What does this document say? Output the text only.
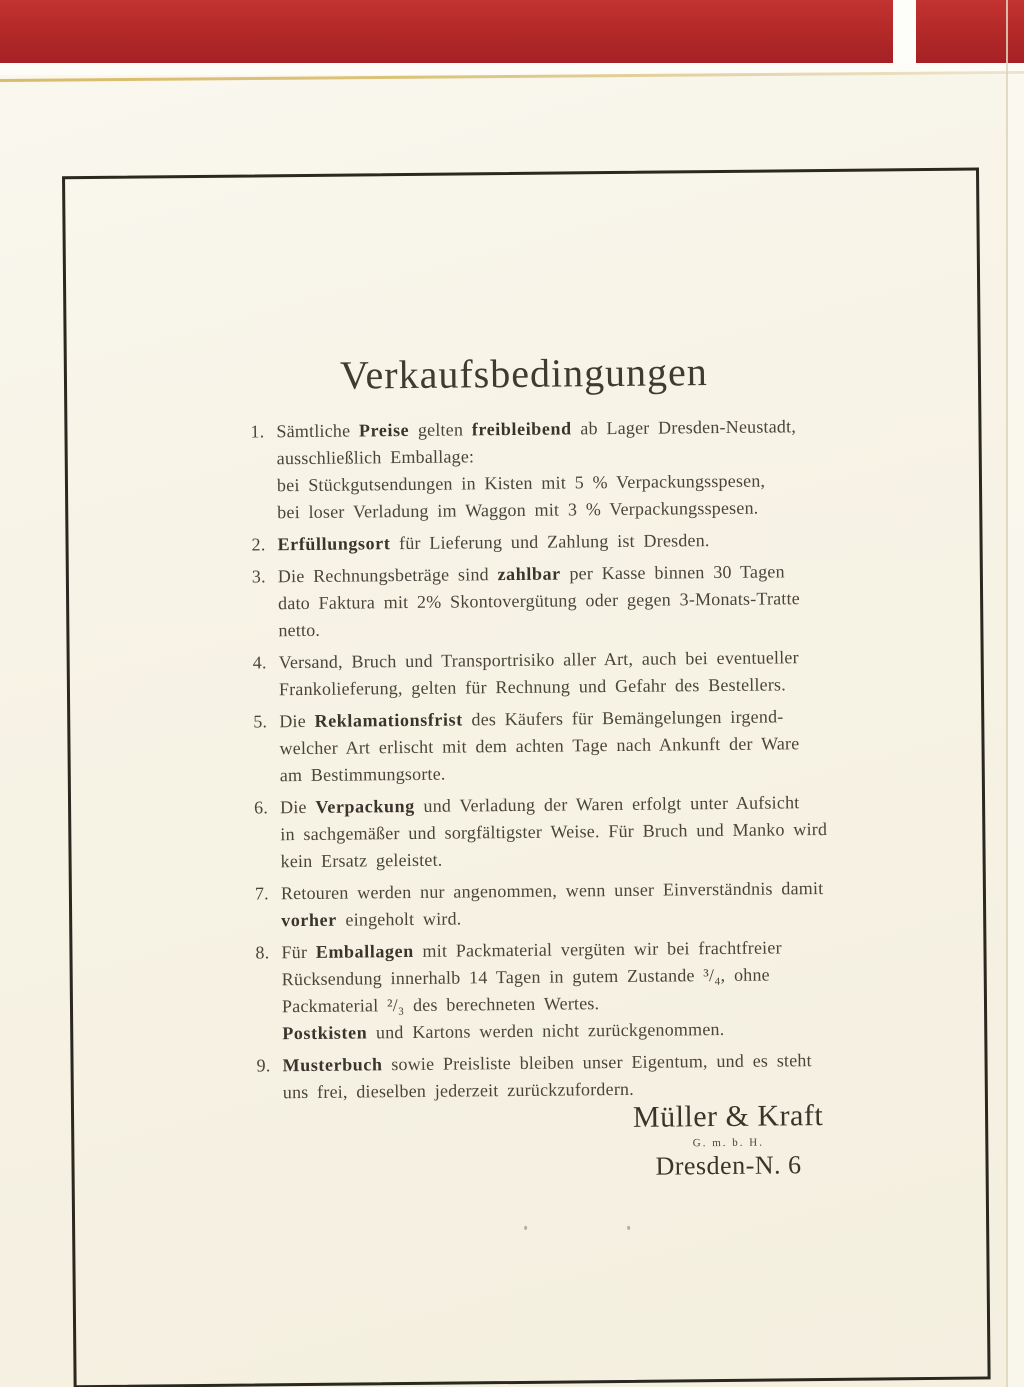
Verkaufsbedingungen
1. Sämtliche Preise gelten freibleibend ab Lager Dresden-Neustadt,
ausschließlich Emballage:
bei Stückgutsendungen in Kisten mit 5 % Verpackungsspesen,
bei loser Verladung im Waggon mit 3 % Verpackungsspesen.
2. Erfüllungsort für Lieferung und Zahlung ist Dresden.
3. Die Rechnungsbeträge sind zahlbar per Kasse binnen 30 Tagen
dato Faktura mit 2% Skontovergütung oder gegen 3-Monats-Tratte
netto.
4. Versand, Bruch und Transportrisiko aller Art, auch bei eventueller
Frankolieferung, gelten für Rechnung und Gefahr des Bestellers.
5. Die Reklamationsfrist des Käufers für Bemängelungen irgend-
welcher Art erlischt mit dem achten Tage nach Ankunft der Ware
am Bestimmungsorte.
6. Die Verpackung und Verladung der Waren erfolgt unter Aufsicht
in sachgemäßer und sorgfältigster Weise. Für Bruch und Manko wird
kein Ersatz geleistet.
7. Retouren werden nur angenommen, wenn unser Einverständnis damit
vorher eingeholt wird.
8. Für Emballagen mit Packmaterial vergüten wir bei frachtfreier
Rücksendung innerhalb 14 Tagen in gutem Zustande ³/₄, ohne
Packmaterial ²/₃ des berechneten Wertes.
Postkisten und Kartons werden nicht zurückgenommen.
9. Musterbuch sowie Preisliste bleiben unser Eigentum, und es steht
uns frei, dieselben jederzeit zurückzufordern.
Müller & Kraft
G. m. b. H.
Dresden-N. 6
